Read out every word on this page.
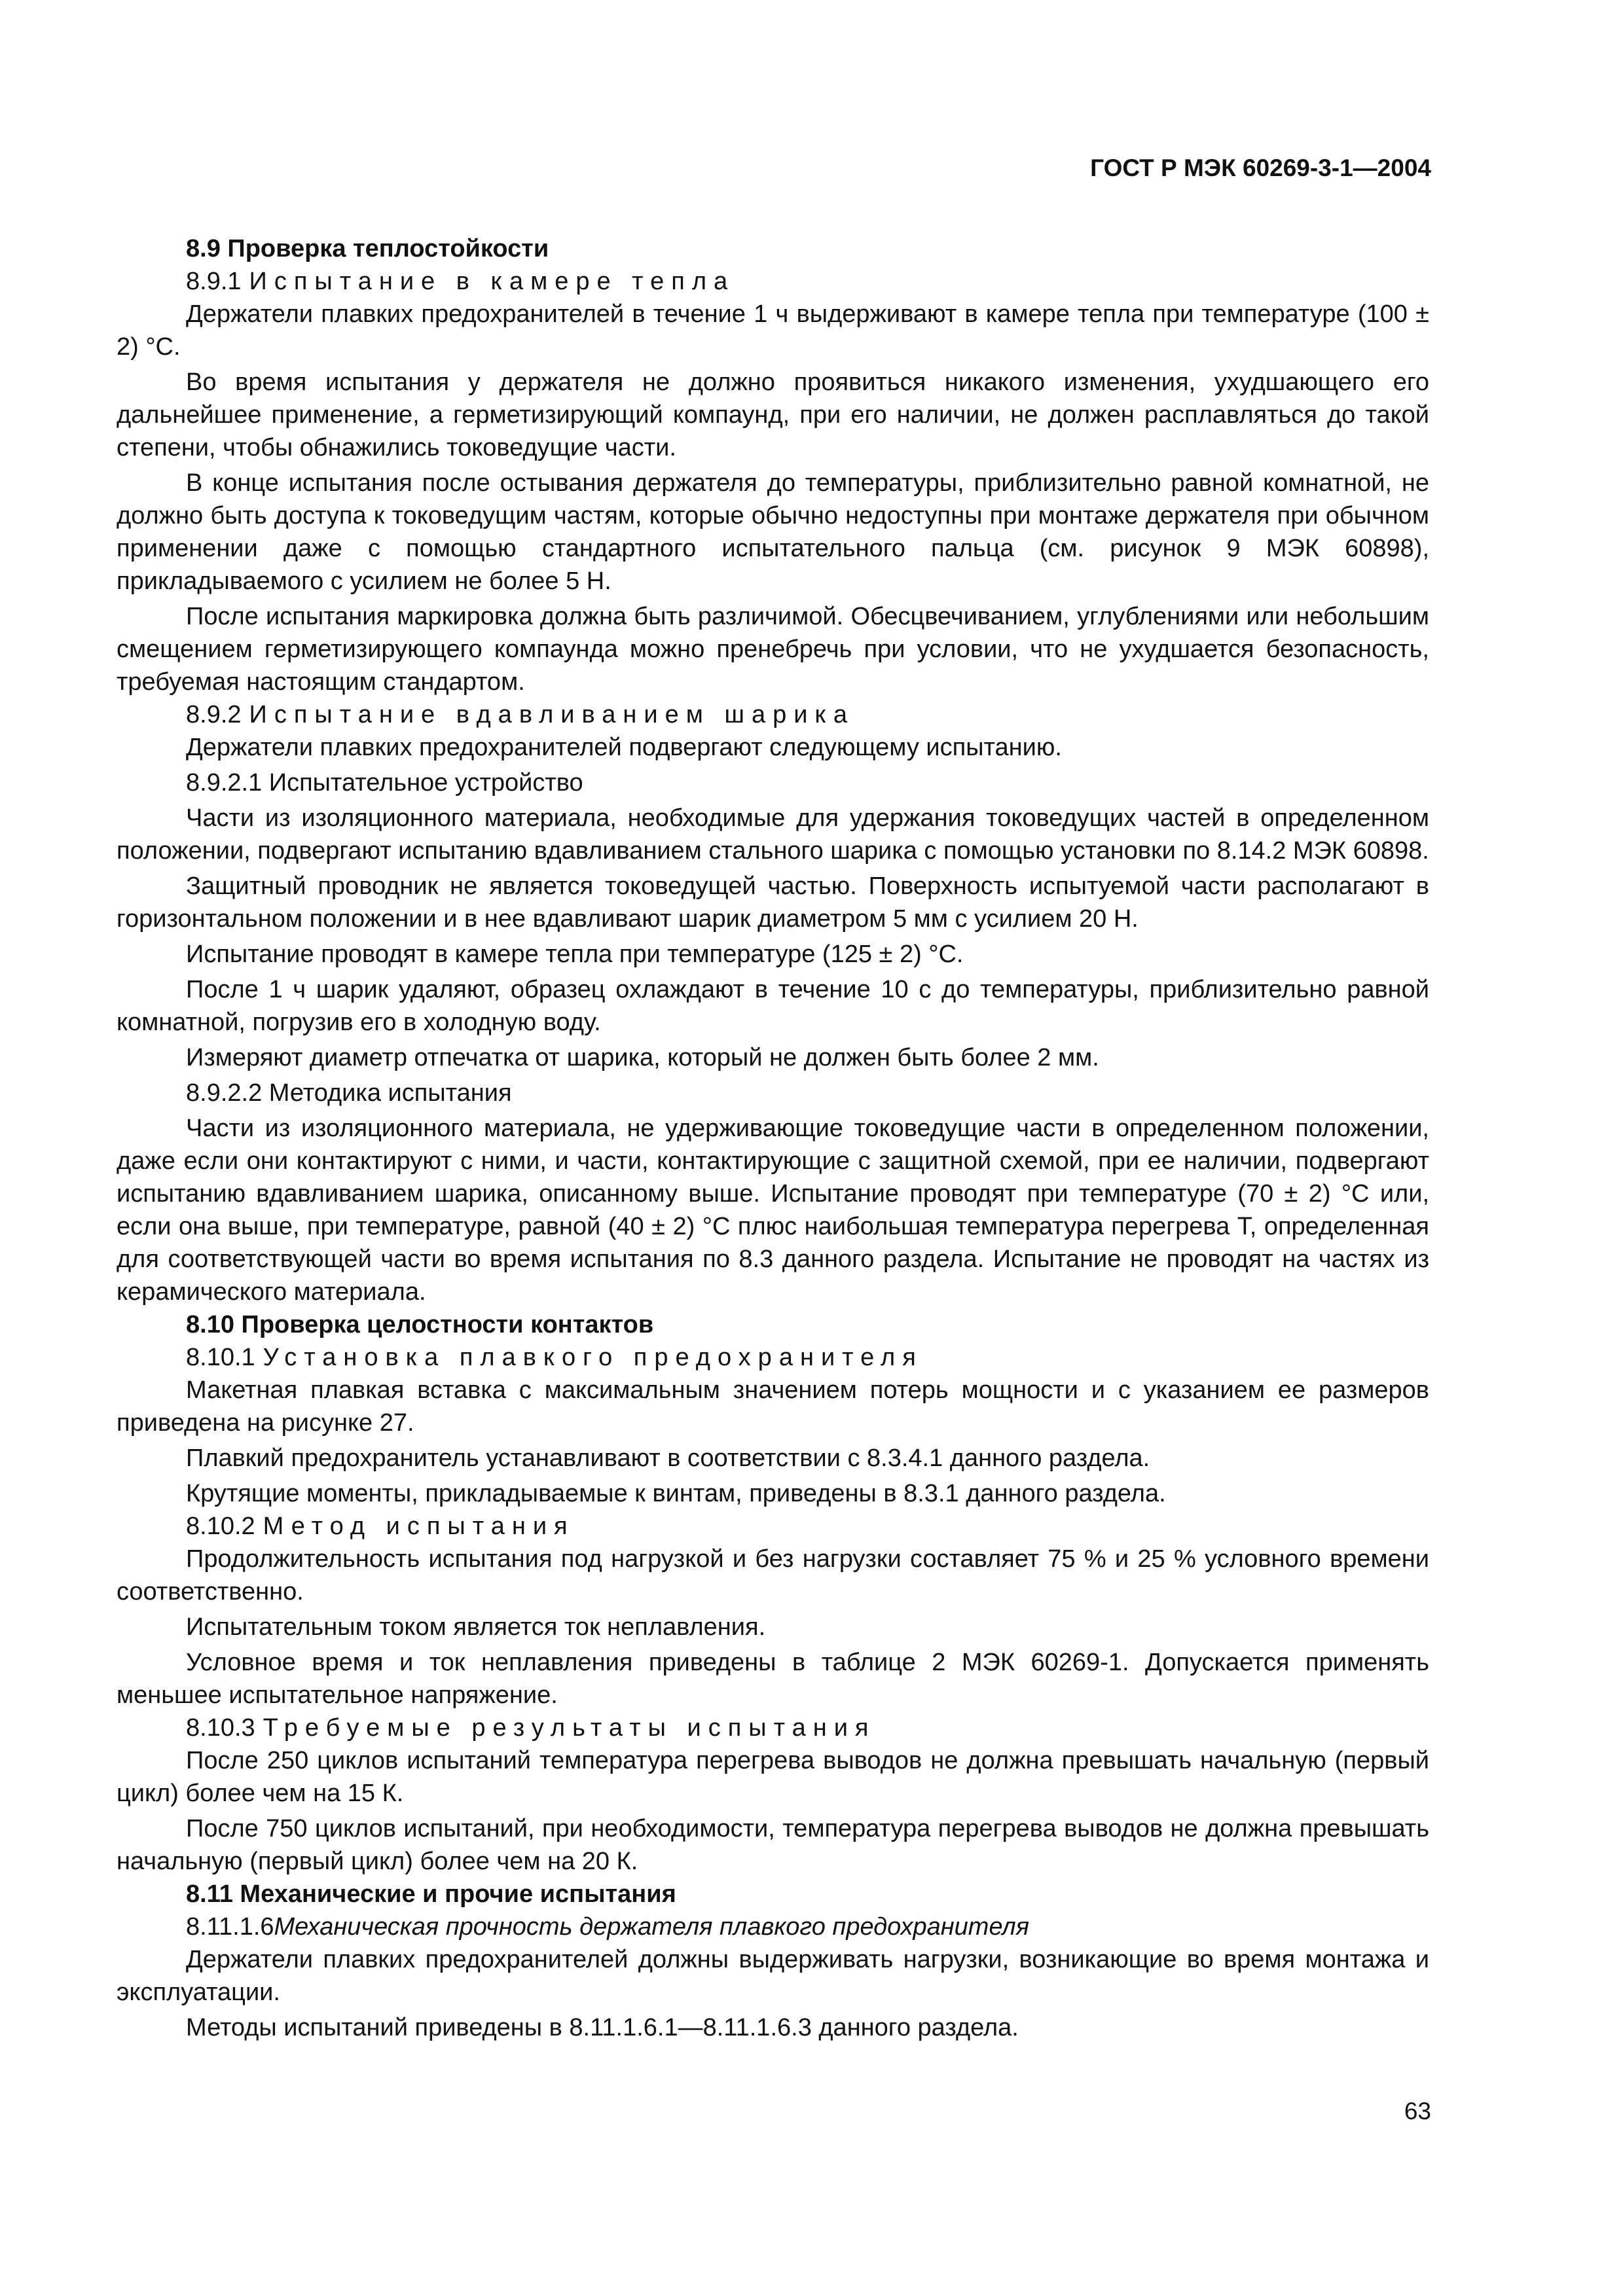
ГОСТ Р МЭК 60269-3-1—2004

8.9 Проверка теплостойкости

8.9.1 Испытание в камере тепла

Держатели плавких предохранителей в течение 1 ч выдерживают в камере тепла при температуре (100 ± 2) °C.

Во время испытания у держателя не должно проявиться никакого изменения, ухудшающего его дальнейшее применение, а герметизирующий компаунд, при его наличии, не должен расплавляться до такой степени, чтобы обнажились токоведущие части.

В конце испытания после остывания держателя до температуры, приблизительно равной комнатной, не должно быть доступа к токоведущим частям, которые обычно недоступны при монтаже держателя при обычном применении даже с помощью стандартного испытательного пальца (см. рисунок 9 МЭК 60898), прикладываемого с усилием не более 5 Н.

После испытания маркировка должна быть различимой. Обесцвечиванием, углублениями или небольшим смещением герметизирующего компаунда можно пренебречь при условии, что не ухудшается безопасность, требуемая настоящим стандартом.

8.9.2 Испытание вдавливанием шарика

Держатели плавких предохранителей подвергают следующему испытанию.

8.9.2.1 Испытательное устройство

Части из изоляционного материала, необходимые для удержания токоведущих частей в определенном положении, подвергают испытанию вдавливанием стального шарика с помощью установки по 8.14.2 МЭК 60898.

Защитный проводник не является токоведущей частью. Поверхность испытуемой части располагают в горизонтальном положении и в нее вдавливают шарик диаметром 5 мм с усилием 20 Н.

Испытание проводят в камере тепла при температуре (125 ± 2) °C.

После 1 ч шарик удаляют, образец охлаждают в течение 10 с до температуры, приблизительно равной комнатной, погрузив его в холодную воду.

Измеряют диаметр отпечатка от шарика, который не должен быть более 2 мм.

8.9.2.2 Методика испытания

Части из изоляционного материала, не удерживающие токоведущие части в определенном положении, даже если они контактируют с ними, и части, контактирующие с защитной схемой, при ее наличии, подвергают испытанию вдавливанием шарика, описанному выше. Испытание проводят при температуре (70 ± 2) °C или, если она выше, при температуре, равной (40 ± 2) °C плюс наибольшая температура перегрева T, определенная для соответствующей части во время испытания по 8.3 данного раздела. Испытание не проводят на частях из керамического материала.

8.10 Проверка целостности контактов

8.10.1 Установка плавкого предохранителя

Макетная плавкая вставка с максимальным значением потерь мощности и с указанием ее размеров приведена на рисунке 27.

Плавкий предохранитель устанавливают в соответствии с 8.3.4.1 данного раздела.

Крутящие моменты, прикладываемые к винтам, приведены в 8.3.1 данного раздела.

8.10.2 Метод испытания

Продолжительность испытания под нагрузкой и без нагрузки составляет 75 % и 25 % условного времени соответственно.

Испытательным током является ток неплавления.

Условное время и ток неплавления приведены в таблице 2 МЭК 60269-1. Допускается применять меньшее испытательное напряжение.

8.10.3 Требуемые результаты испытания

После 250 циклов испытаний температура перегрева выводов не должна превышать начальную (первый цикл) более чем на 15 К.

После 750 циклов испытаний, при необходимости, температура перегрева выводов не должна превышать начальную (первый цикл) более чем на 20 К.

8.11 Механические и прочие испытания

8.11.1.6Механическая прочность держателя плавкого предохранителя

Держатели плавких предохранителей должны выдерживать нагрузки, возникающие во время монтажа и эксплуатации.

Методы испытаний приведены в 8.11.1.6.1—8.11.1.6.3 данного раздела.

63
